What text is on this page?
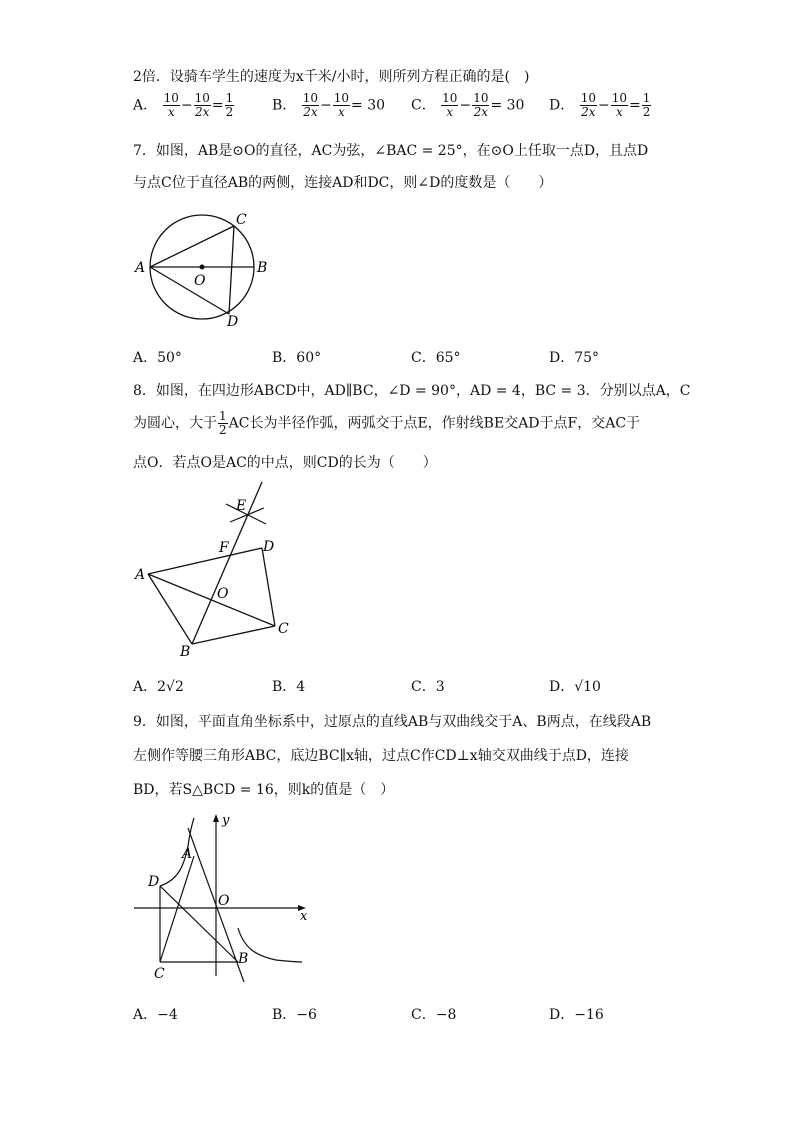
2倍．设骑车学生的速度为x千米/小时，则所列方程正确的是(　)
A． $\frac{10}{x} - \frac{10}{2x} = \frac{1}{2}$	B． $\frac{10}{2x} - \frac{10}{x} = 30$ C． $\frac{10}{x} - \frac{10}{2x} = 30$ D． $\frac{10}{2x} - \frac{10}{x} = \frac{1}{2}$
7．如图，AB是⊙O的直径，AC为弦，∠BAC = 25°，在⊙O上任取一点D，且点D
与点C位于直径AB的两侧，连接AD和DC，则∠D的度数是（　　）
A	B
C
D
O
A．50°	B．60°	C．65°	D．75°
8．如图，在四边形ABCD中，AD∥BC，∠D = 90°，AD = 4，BC = 3．分别以点A，C
为圆心，大于 $\frac{1}{2}$ AC长为半径作弧，两弧交于点E，作射线BE交AD于点F，交AC于
点O．若点O是AC的中点，则CD的长为（　　）
A
B
C
D
E
F
O
A．2√2	B．4	C．3	D．√10
9．如图，平面直角坐标系中，过原点的直线AB与双曲线交于A、B两点，在线段AB
左侧作等腰三角形ABC，底边BC∥x轴，过点C作CD⊥x轴交双曲线于点D，连接
BD，若S△BCD = 16，则k的值是（　）
A
B
C
D
O
x
y
A．−4	B．−6	C．−8	D．−16
